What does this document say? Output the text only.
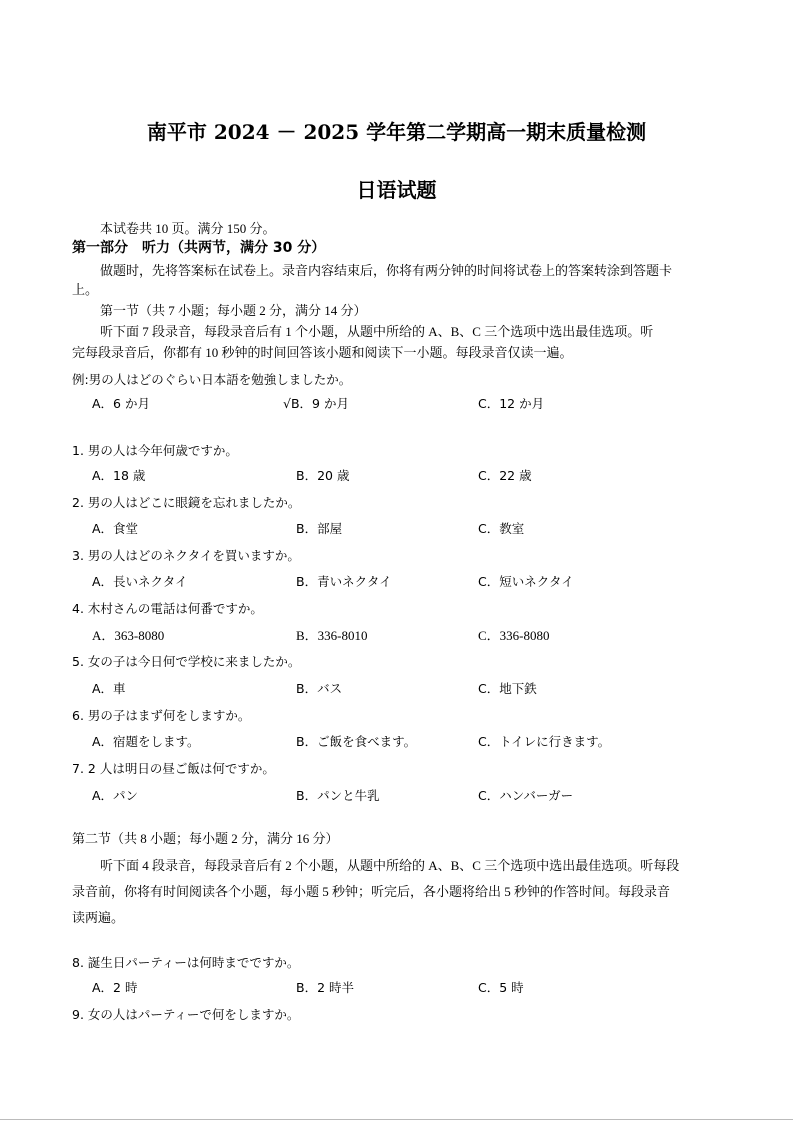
南平市 2024 － 2025 学年第二学期高一期末质量检测
日语试题
本试卷共 10 页。满分 150 分。
第一部分　听力（共两节，满分 30 分）
做题时，先将答案标在试卷上。录音内容结束后，你将有两分钟的时间将试卷上的答案转涂到答题卡
上。
第一节（共 7 小题；每小题 2 分，满分 14 分）
听下面 7 段录音，每段录音后有 1 个小题，从题中所给的 A、B、C 三个选项中选出最佳选项。听
完每段录音后，你都有 10 秒钟的时间回答该小题和阅读下一小题。每段录音仅读一遍。
例:男の人はどのぐらい日本語を勉強しましたか。
A．6 か月	√B．9 か月	C．12 か月
1. 男の人は今年何歳ですか。
A．18 歳	B．20 歳	C．22 歳
2. 男の人はどこに眼鏡を忘れましたか。
A．食堂	B．部屋	C．教室
3. 男の人はどのネクタイを買いますか。
A．長いネクタイ	B．青いネクタイ	C．短いネクタイ
4. 木村さんの電話は何番ですか。
A．363-8080	B．336-8010	C．336-8080
5. 女の子は今日何で学校に来ましたか。
A．車	B．バス	C．地下鉄
6. 男の子はまず何をしますか。
A．宿題をします。	B．ご飯を食べます。	C．トイレに行きます。
7. 2 人は明日の昼ご飯は何ですか。
A．パン	B．パンと牛乳	C．ハンバーガー
第二节（共 8 小题；每小题 2 分，满分 16 分）
听下面 4 段录音，每段录音后有 2 个小题，从题中所给的 A、B、C 三个选项中选出最佳选项。听每段
录音前，你将有时间阅读各个小题，每小题 5 秒钟；听完后，各小题将给出 5 秒钟的作答时间。每段录音
读两遍。
8. 誕生日パーティーは何時までですか。
A．2 時	B．2 時半	C．5 時
9. 女の人はパーティーで何をしますか。
